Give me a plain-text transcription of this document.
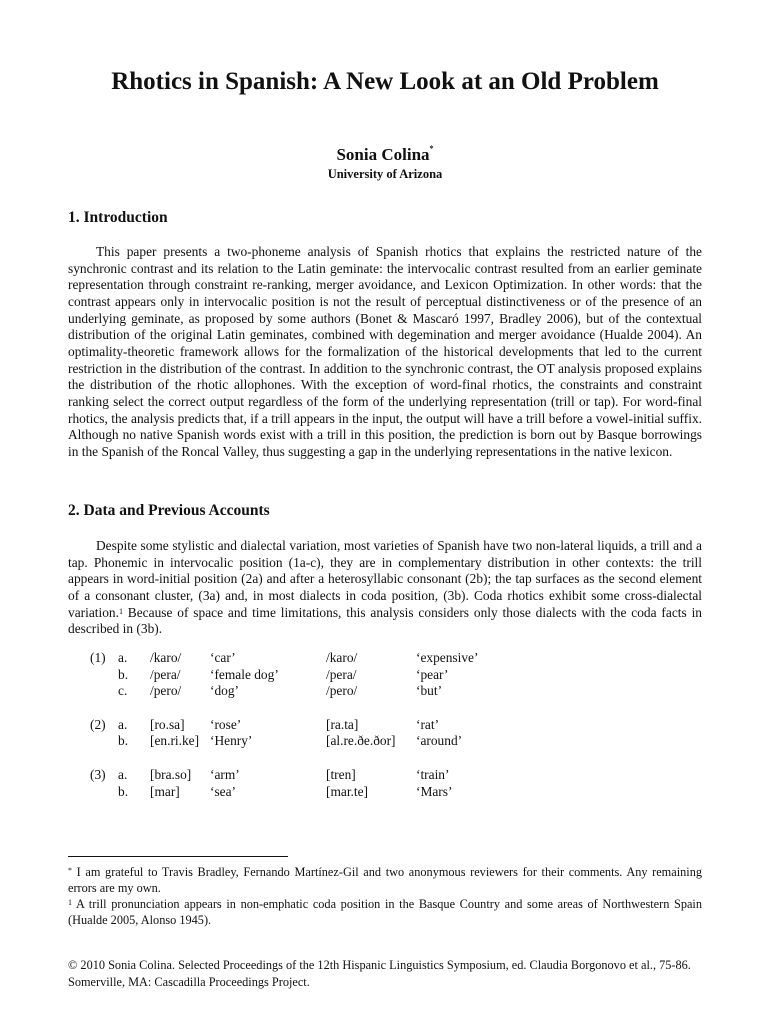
Rhotics in Spanish: A New Look at an Old Problem
Sonia Colina*
University of Arizona
1. Introduction
This paper presents a two-phoneme analysis of Spanish rhotics that explains the restricted nature of the synchronic contrast and its relation to the Latin geminate: the intervocalic contrast resulted from an earlier geminate representation through constraint re-ranking, merger avoidance, and Lexicon Optimization. In other words: that the contrast appears only in intervocalic position is not the result of perceptual distinctiveness or of the presence of an underlying geminate, as proposed by some authors (Bonet & Mascaró 1997, Bradley 2006), but of the contextual distribution of the original Latin geminates, combined with degemination and merger avoidance (Hualde 2004). An optimality-theoretic framework allows for the formalization of the historical developments that led to the current restriction in the distribution of the contrast. In addition to the synchronic contrast, the OT analysis proposed explains the distribution of the rhotic allophones. With the exception of word-final rhotics, the constraints and constraint ranking select the correct output regardless of the form of the underlying representation (trill or tap). For word-final rhotics, the analysis predicts that, if a trill appears in the input, the output will have a trill before a vowel-initial suffix. Although no native Spanish words exist with a trill in this position, the prediction is born out by Basque borrowings in the Spanish of the Roncal Valley, thus suggesting a gap in the underlying representations in the native lexicon.
2. Data and Previous Accounts
Despite some stylistic and dialectal variation, most varieties of Spanish have two non-lateral liquids, a trill and a tap. Phonemic in intervocalic position (1a-c), they are in complementary distribution in other contexts: the trill appears in word-initial position (2a) and after a heterosyllabic consonant (2b); the tap surfaces as the second element of a consonant cluster, (3a) and, in most dialects in coda position, (3b). Coda rhotics exhibit some cross-dialectal variation.$^1$ Because of space and time limitations, this analysis considers only those dialects with the coda facts in described in (3b).
(1)	a.	/karo/	‘car’	/karo/	‘expensive’
	b.	/pera/	‘female dog’	/pera/	‘pear’
	c.	/pero/	‘dog’	/pero/	‘but’

(2)	a.	[ro.sa]	‘rose’	[ra.ta]	‘rat’
	b.	[en.ri.ke]	‘Henry’	[al.re.ðe.ðor]	‘around’

(3)	a.	[bra.so]	‘arm’	[tren]	‘train’
	b.	[mar]	‘sea’	[mar.te]	‘Mars’
* I am grateful to Travis Bradley, Fernando Martínez-Gil and two anonymous reviewers for their comments. Any remaining errors are my own.
$^1$ A trill pronunciation appears in non-emphatic coda position in the Basque Country and some areas of Northwestern Spain (Hualde 2005, Alonso 1945).
© 2010 Sonia Colina. Selected Proceedings of the 12th Hispanic Linguistics Symposium, ed. Claudia Borgonovo et al., 75-86. Somerville, MA: Cascadilla Proceedings Project.
